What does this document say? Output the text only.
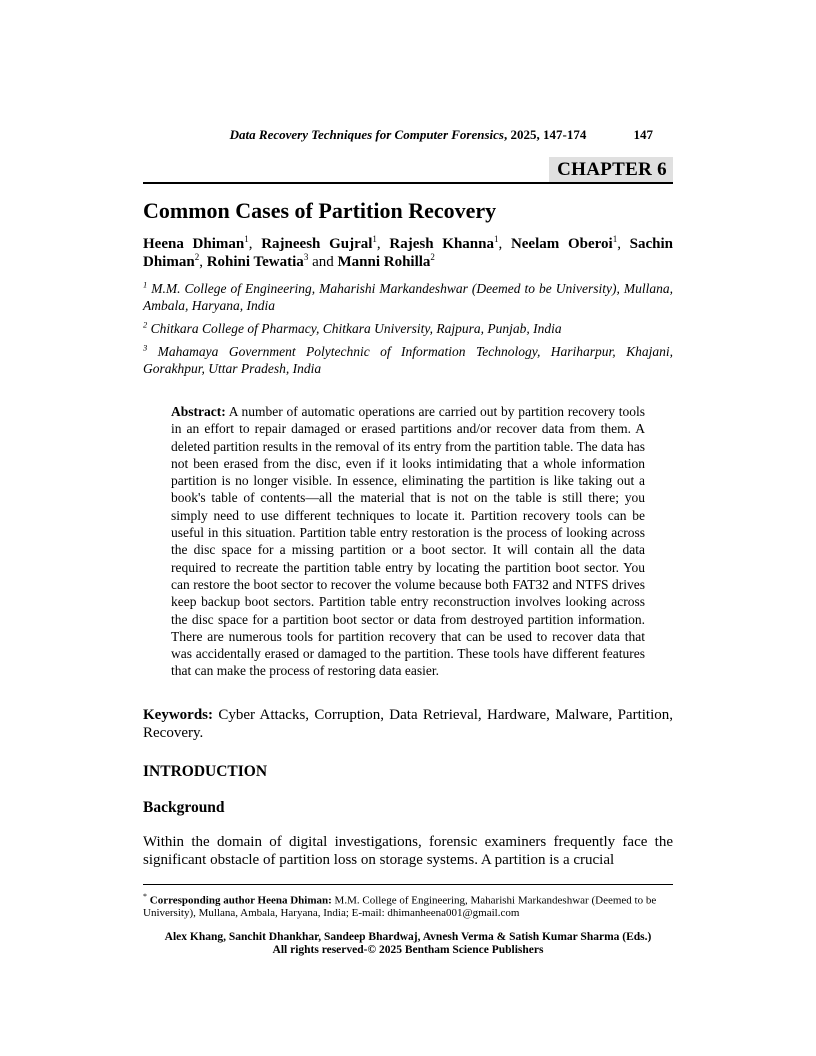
Data Recovery Techniques for Computer Forensics, 2025, 147-174	147
CHAPTER 6
Common Cases of Partition Recovery
Heena Dhiman$^1$, Rajneesh Gujral$^1$, Rajesh Khanna$^1$, Neelam Oberoi$^1$, Sachin Dhiman$^2$, Rohini Tewatia$^3$ and Manni Rohilla$^2$

$^1$ M.M. College of Engineering, Maharishi Markandeshwar (Deemed to be University), Mullana, Ambala, Haryana, India

$^2$ Chitkara College of Pharmacy, Chitkara University, Rajpura, Punjab, India

$^3$ Mahamaya Government Polytechnic of Information Technology, Hariharpur, Khajani, Gorakhpur, Uttar Pradesh, India

Abstract: A number of automatic operations are carried out by partition recovery tools in an effort to repair damaged or erased partitions and/or recover data from them. A deleted partition results in the removal of its entry from the partition table. The data has not been erased from the disc, even if it looks intimidating that a whole information partition is no longer visible. In essence, eliminating the partition is like taking out a book's table of contents—all the material that is not on the table is still there; you simply need to use different techniques to locate it. Partition recovery tools can be useful in this situation. Partition table entry restoration is the process of looking across the disc space for a missing partition or a boot sector. It will contain all the data required to recreate the partition table entry by locating the partition boot sector. You can restore the boot sector to recover the volume because both FAT32 and NTFS drives keep backup boot sectors. Partition table entry reconstruction involves looking across the disc space for a partition boot sector or data from destroyed partition information. There are numerous tools for partition recovery that can be used to recover data that was accidentally erased or damaged to the partition. These tools have different features that can make the process of restoring data easier.
Keywords: Cyber Attacks, Corruption, Data Retrieval, Hardware, Malware, Partition, Recovery.
INTRODUCTION
Background

Within the domain of digital investigations, forensic examiners frequently face the significant obstacle of partition loss on storage systems. A partition is a crucial

* Corresponding author Heena Dhiman: M.M. College of Engineering, Maharishi Markandeshwar (Deemed to be University), Mullana, Ambala, Haryana, India; E-mail: dhimanheena001@gmail.com
Alex Khang, Sanchit Dhankhar, Sandeep Bhardwaj, Avnesh Verma & Satish Kumar Sharma (Eds.)
All rights reserved-© 2025 Bentham Science Publishers
